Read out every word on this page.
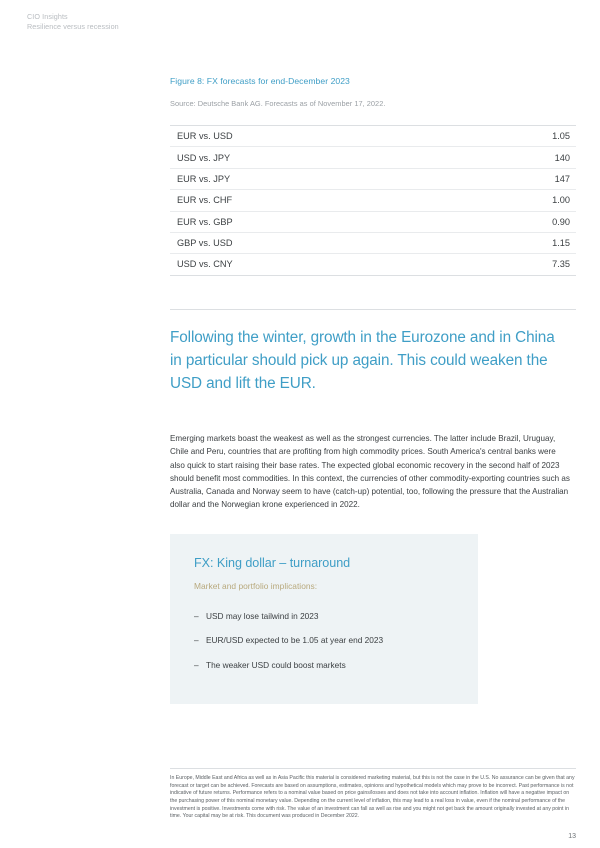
CIO Insights
Resilience versus recession
Figure 8: FX forecasts for end-December 2023
Source: Deutsche Bank AG. Forecasts as of November 17, 2022.
EUR vs. USD	1.05
USD vs. JPY	140
EUR vs. JPY	147
EUR vs. CHF	1.00
EUR vs. GBP	0.90
GBP vs. USD	1.15
USD vs. CNY	7.35
Following the winter, growth in the Eurozone and in China in particular should pick up again. This could weaken the USD and lift the EUR.
Emerging markets boast the weakest as well as the strongest currencies. The latter include Brazil, Uruguay, Chile and Peru, countries that are profiting from high commodity prices. South America's central banks were also quick to start raising their base rates. The expected global economic recovery in the second half of 2023 should benefit most commodities. In this context, the currencies of other commodity-exporting countries such as Australia, Canada and Norway seem to have (catch-up) potential, too, following the pressure that the Australian dollar and the Norwegian krone experienced in 2022.
FX: King dollar – turnaround
Market and portfolio implications:
– USD may lose tailwind in 2023
– EUR/USD expected to be 1.05 at year end 2023
– The weaker USD could boost markets
In Europe, Middle East and Africa as well as in Asia Pacific this material is considered marketing material, but this is not the case in the U.S. No assurance can be given that any forecast or target can be achieved. Forecasts are based on assumptions, estimates, opinions and hypothetical models which may prove to be incorrect. Past performance is not indicative of future returns. Performance refers to a nominal value based on price gains/losses and does not take into account inflation. Inflation will have a negative impact on the purchasing power of this nominal monetary value. Depending on the current level of inflation, this may lead to a real loss in value, even if the nominal performance of the investment is positive. Investments come with risk. The value of an investment can fall as well as rise and you might not get back the amount originally invested at any point in time. Your capital may be at risk. This document was produced in December 2022.
13
